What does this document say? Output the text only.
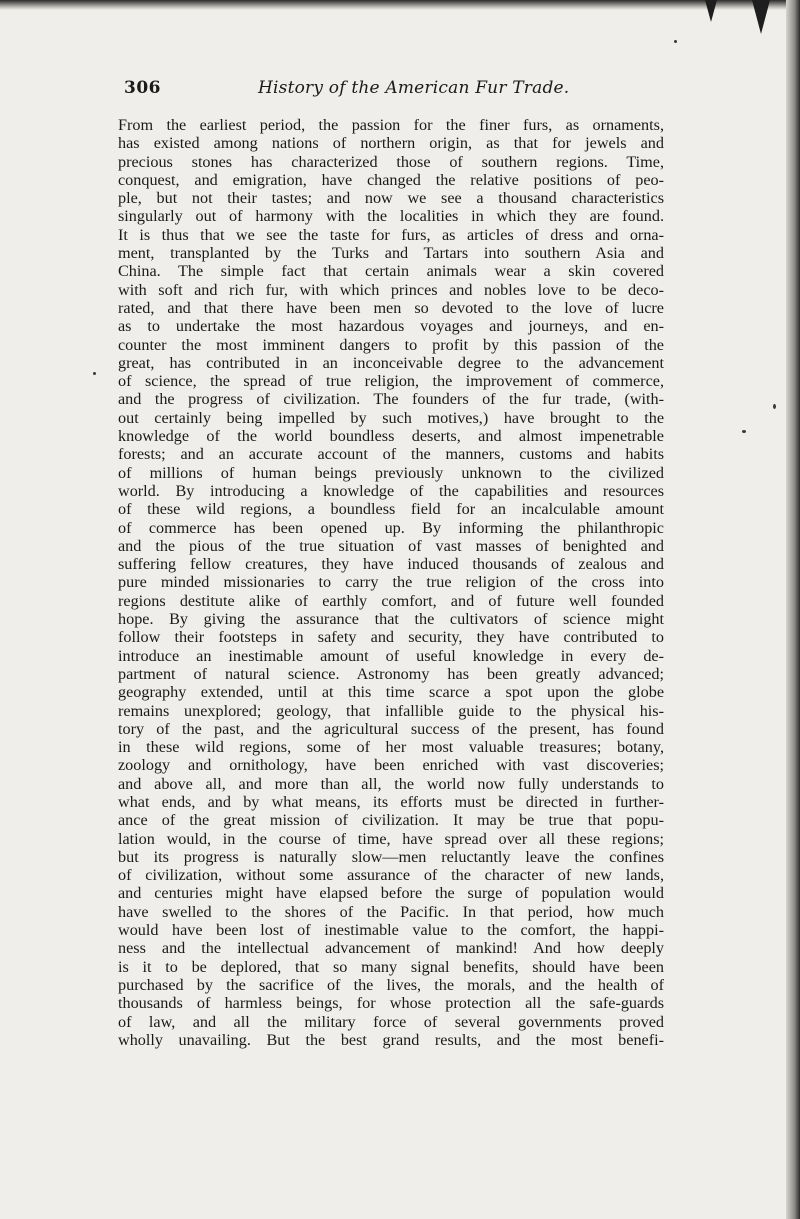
306	History of the American Fur Trade.
From the earliest period, the passion for the finer furs, as ornaments,
has existed among nations of northern origin, as that for jewels and
precious stones has characterized those of southern regions. Time,
conquest, and emigration, have changed the relative positions of peo-
ple, but not their tastes; and now we see a thousand characteristics
singularly out of harmony with the localities in which they are found.
It is thus that we see the taste for furs, as articles of dress and orna-
ment, transplanted by the Turks and Tartars into southern Asia and
China. The simple fact that certain animals wear a skin covered
with soft and rich fur, with which princes and nobles love to be deco-
rated, and that there have been men so devoted to the love of lucre
as to undertake the most hazardous voyages and journeys, and en-
counter the most imminent dangers to profit by this passion of the
great, has contributed in an inconceivable degree to the advancement
of science, the spread of true religion, the improvement of commerce,
and the progress of civilization. The founders of the fur trade, (with-
out certainly being impelled by such motives,) have brought to the
knowledge of the world boundless deserts, and almost impenetrable
forests; and an accurate account of the manners, customs and habits
of millions of human beings previously unknown to the civilized
world. By introducing a knowledge of the capabilities and resources
of these wild regions, a boundless field for an incalculable amount
of commerce has been opened up. By informing the philanthropic
and the pious of the true situation of vast masses of benighted and
suffering fellow creatures, they have induced thousands of zealous and
pure minded missionaries to carry the true religion of the cross into
regions destitute alike of earthly comfort, and of future well founded
hope. By giving the assurance that the cultivators of science might
follow their footsteps in safety and security, they have contributed to
introduce an inestimable amount of useful knowledge in every de-
partment of natural science. Astronomy has been greatly advanced;
geography extended, until at this time scarce a spot upon the globe
remains unexplored; geology, that infallible guide to the physical his-
tory of the past, and the agricultural success of the present, has found
in these wild regions, some of her most valuable treasures; botany,
zoology and ornithology, have been enriched with vast discoveries;
and above all, and more than all, the world now fully understands to
what ends, and by what means, its efforts must be directed in further-
ance of the great mission of civilization. It may be true that popu-
lation would, in the course of time, have spread over all these regions;
but its progress is naturally slow—men reluctantly leave the confines
of civilization, without some assurance of the character of new lands,
and centuries might have elapsed before the surge of population would
have swelled to the shores of the Pacific. In that period, how much
would have been lost of inestimable value to the comfort, the happi-
ness and the intellectual advancement of mankind! And how deeply
is it to be deplored, that so many signal benefits, should have been
purchased by the sacrifice of the lives, the morals, and the health of
thousands of harmless beings, for whose protection all the safe-guards
of law, and all the military force of several governments proved
wholly unavailing. But the best grand results, and the most benefi-
